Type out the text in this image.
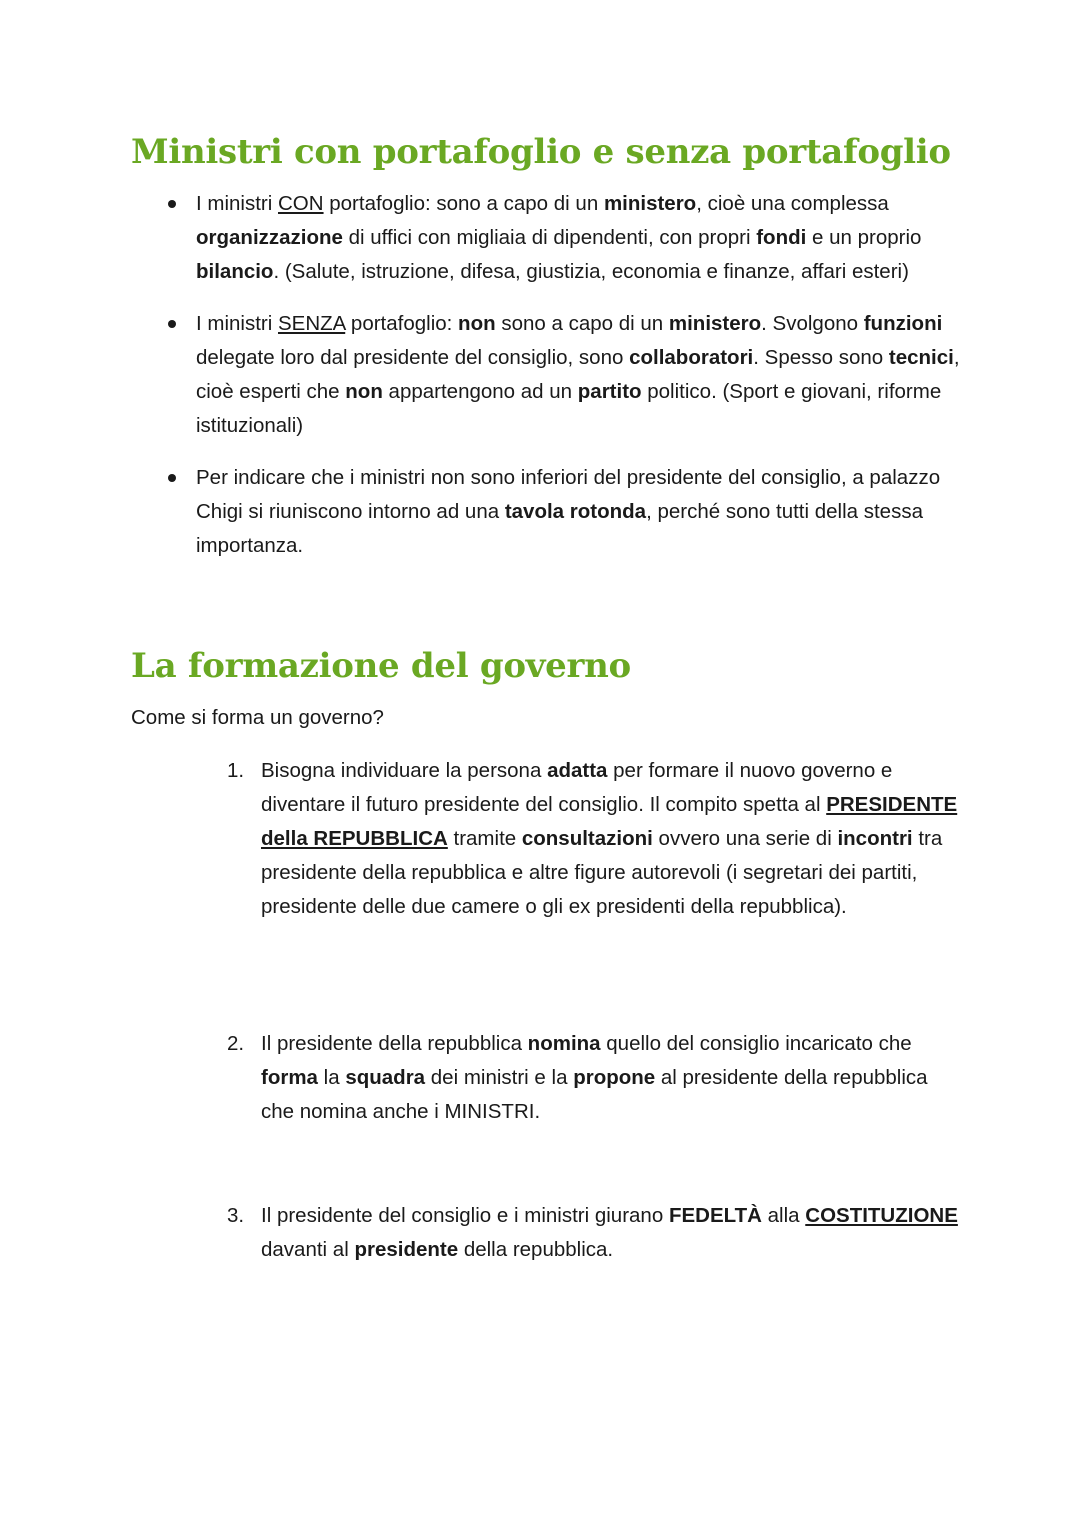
Ministri con portafoglio e senza portafoglio
I ministri CON portafoglio: sono a capo di un ministero, cioè una complessa organizzazione di uffici con migliaia di dipendenti, con propri fondi e un proprio bilancio. (Salute, istruzione, difesa, giustizia, economia e finanze, affari esteri)
I ministri SENZA portafoglio: non sono a capo di un ministero. Svolgono funzioni delegate loro dal presidente del consiglio, sono collaboratori. Spesso sono tecnici, cioè esperti che non appartengono ad un partito politico. (Sport e giovani, riforme istituzionali)
Per indicare che i ministri non sono inferiori del presidente del consiglio, a palazzo Chigi si riuniscono intorno ad una tavola rotonda, perché sono tutti della stessa importanza.
La formazione del governo

Come si forma un governo?

1. Bisogna individuare la persona adatta per formare il nuovo governo e diventare il futuro presidente del consiglio. Il compito spetta al PRESIDENTE della REPUBBLICA tramite consultazioni ovvero una serie di incontri tra presidente della repubblica e altre figure autorevoli (i segretari dei partiti, presidente delle due camere o gli ex presidenti della repubblica).
2. Il presidente della repubblica nomina quello del consiglio incaricato che forma la squadra dei ministri e la propone al presidente della repubblica che nomina anche i MINISTRI.
3. Il presidente del consiglio e i ministri giurano FEDELTÀ alla COSTITUZIONE davanti al presidente della repubblica.
